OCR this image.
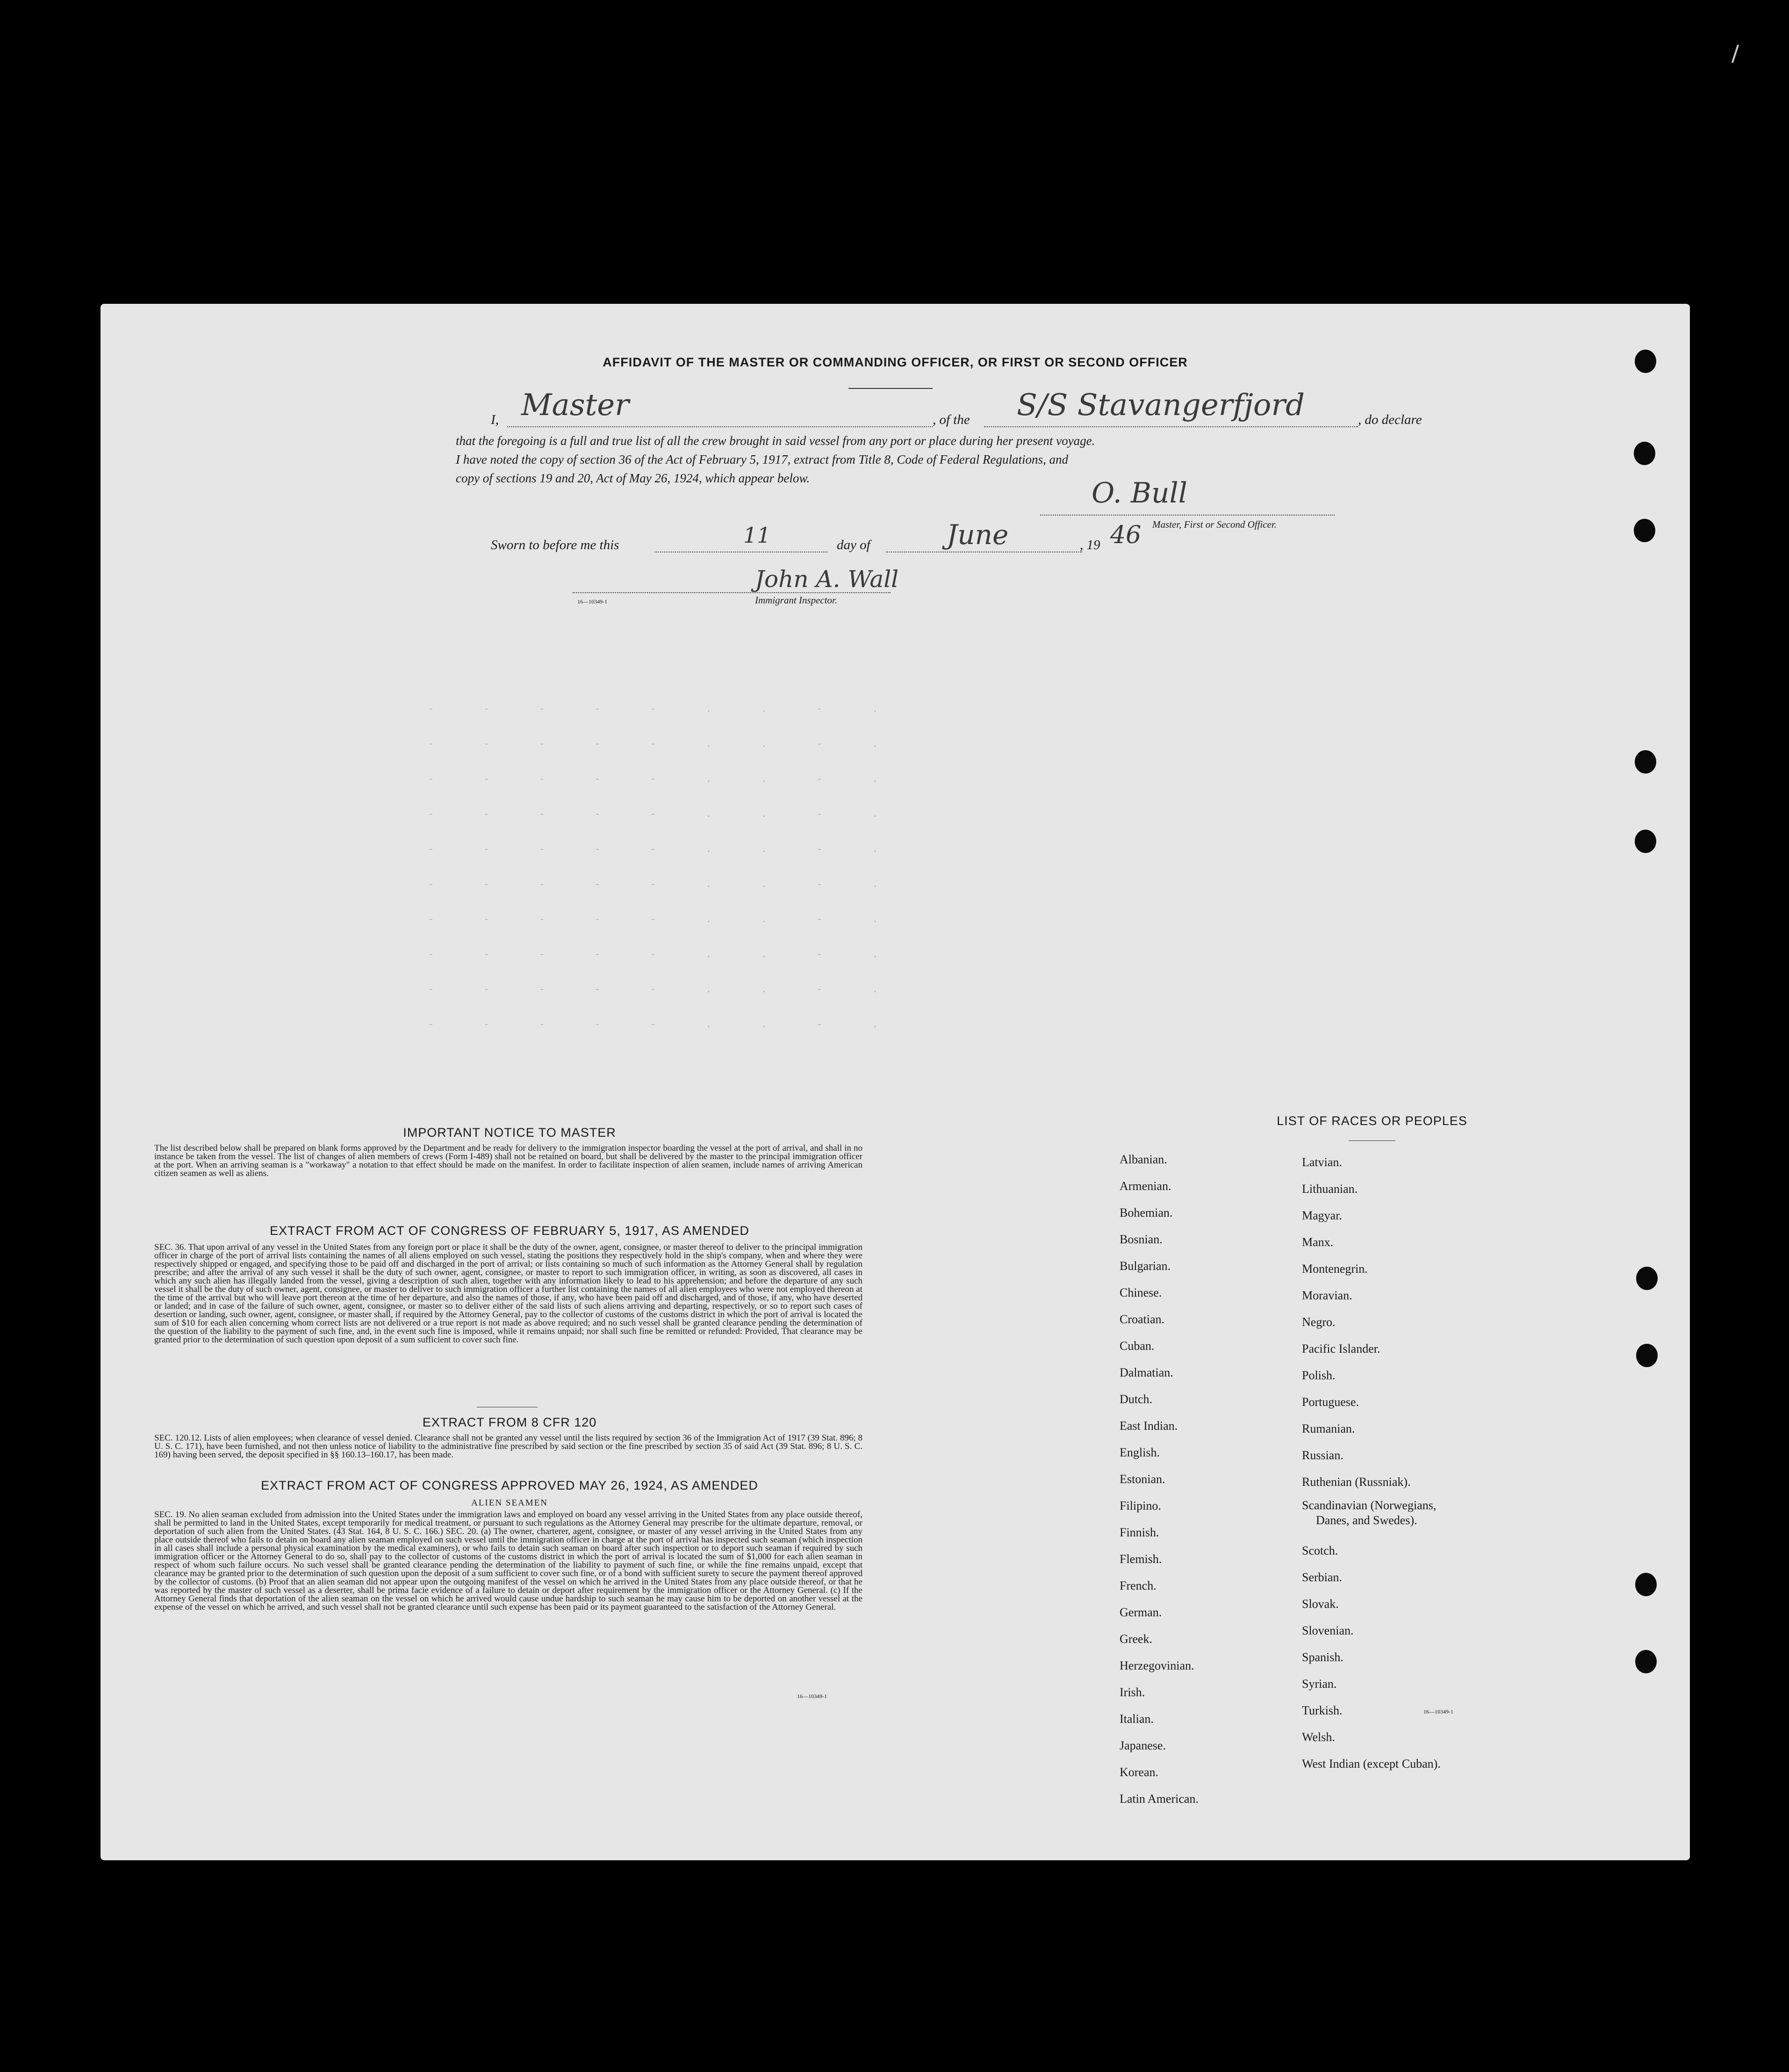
-        -        -        -        -        .        .        -        .
-        -        -        -        -        .        .        -        .
-        -        -        -        -        .        .        -        .
-        -        -        -        -        .        .        -        .
-        -        -        -        -        .        .        -        .
-        -        -        -        -        .        .        -        .
-        -        -        -        -        .        .        -        .
-        -        -        -        -        .        .        -        .
-        -        -        -        -        .        .        -        .
-        -        -        -        -        .        .        -        .
AFFIDAVIT OF THE MASTER OR COMMANDING OFFICER, OR FIRST OR SECOND OFFICER
I, Master	, of the S/S Stavangerfjord	, do declare
that the foregoing is a full and true list of all the crew brought in said vessel from any port or place during her present voyage.
I have noted the copy of section 36 of the Act of February 5, 1917, extract from Title 8, Code of Federal Regulations, and
copy of sections 19 and 20, Act of May 26, 1924, which appear below.	O. Bull
Master, First or Second Officer.
Sworn to before me this	11	day of	June	, 19 46
John A. Wall
Immigrant Inspector.
16—10349-1
IMPORTANT NOTICE TO MASTER
The list described below shall be prepared on blank forms approved by the Department and be ready for delivery to the immigration inspector boarding the vessel at the port of arrival, and shall in no instance be taken from the vessel. The list of changes of alien members of crews (Form I-489) shall not be retained on board, but shall be delivered by the master to the principal immigration officer at the port. When an arriving seaman is a "workaway" a notation to that effect should be made on the manifest. In order to facilitate inspection of alien seamen, include names of arriving American citizen seamen as well as aliens.
EXTRACT FROM ACT OF CONGRESS OF FEBRUARY 5, 1917, AS AMENDED
SEC. 36. That upon arrival of any vessel in the United States from any foreign port or place it shall be the duty of the owner, agent, consignee, or master thereof to deliver to the principal immigration officer in charge of the port of arrival lists containing the names of all aliens employed on such vessel, stating the positions they respectively hold in the ship's company, when and where they were respectively shipped or engaged, and specifying those to be paid off and discharged in the port of arrival; or lists containing so much of such information as the Attorney General shall by regulation prescribe; and after the arrival of any such vessel it shall be the duty of such owner, agent, consignee, or master to report to such immigration officer, in writing, as soon as discovered, all cases in which any such alien has illegally landed from the vessel, giving a description of such alien, together with any information likely to lead to his apprehension; and before the departure of any such vessel it shall be the duty of such owner, agent, consignee, or master to deliver to such immigration officer a further list containing the names of all alien employees who were not employed thereon at the time of the arrival but who will leave port thereon at the time of her departure, and also the names of those, if any, who have been paid off and discharged, and of those, if any, who have deserted or landed; and in case of the failure of such owner, agent, consignee, or master so to deliver either of the said lists of such aliens arriving and departing, respectively, or so to report such cases of desertion or landing, such owner, agent, consignee, or master shall, if required by the Attorney General, pay to the collector of customs of the customs district in which the port of arrival is located the sum of $10 for each alien concerning whom correct lists are not delivered or a true report is not made as above required; and no such vessel shall be granted clearance pending the determination of the question of the liability to the payment of such fine, and, in the event such fine is imposed, while it remains unpaid; nor shall such fine be remitted or refunded: Provided, That clearance may be granted prior to the determination of such question upon deposit of a sum sufficient to cover such fine.
EXTRACT FROM 8 CFR 120
SEC. 120.12. Lists of alien employees; when clearance of vessel denied. Clearance shall not be granted any vessel until the lists required by section 36 of the Immigration Act of 1917 (39 Stat. 896; 8 U. S. C. 171), have been furnished, and not then unless notice of liability to the administrative fine prescribed by said section or the fine prescribed by section 35 of said Act (39 Stat. 896; 8 U. S. C. 169) having been served, the deposit specified in §§ 160.13–160.17, has been made.
EXTRACT FROM ACT OF CONGRESS APPROVED MAY 26, 1924, AS AMENDED
ALIEN SEAMEN
SEC. 19. No alien seaman excluded from admission into the United States under the immigration laws and employed on board any vessel arriving in the United States from any place outside thereof, shall be permitted to land in the United States, except temporarily for medical treatment, or pursuant to such regulations as the Attorney General may prescribe for the ultimate departure, removal, or deportation of such alien from the United States. (43 Stat. 164, 8 U. S. C. 166.) SEC. 20. (a) The owner, charterer, agent, consignee, or master of any vessel arriving in the United States from any place outside thereof who fails to detain on board any alien seaman employed on such vessel until the immigration officer in charge at the port of arrival has inspected such seaman (which inspection in all cases shall include a personal physical examination by the medical examiners), or who fails to detain such seaman on board after such inspection or to deport such seaman if required by such immigration officer or the Attorney General to do so, shall pay to the collector of customs of the customs district in which the port of arrival is located the sum of $1,000 for each alien seaman in respect of whom such failure occurs. No such vessel shall be granted clearance pending the determination of the liability to payment of such fine, or while the fine remains unpaid, except that clearance may be granted prior to the determination of such question upon the deposit of a sum sufficient to cover such fine, or of a bond with sufficient surety to secure the payment thereof approved by the collector of customs. (b) Proof that an alien seaman did not appear upon the outgoing manifest of the vessel on which he arrived in the United States from any place outside thereof, or that he was reported by the master of such vessel as a deserter, shall be prima facie evidence of a failure to detain or deport after requirement by the immigration officer or the Attorney General. (c) If the Attorney General finds that deportation of the alien seaman on the vessel on which he arrived would cause undue hardship to such seaman he may cause him to be deported on another vessel at the expense of the vessel on which he arrived, and such vessel shall not be granted clearance until such expense has been paid or its payment guaranteed to the satisfaction of the Attorney General.
16—10349-1
LIST OF RACES OR PEOPLES
Albanian.
Armenian.
Bohemian.
Bosnian.
Bulgarian.
Chinese.
Croatian.
Cuban.
Dalmatian.
Dutch.
East Indian.
English.
Estonian.
Filipino.
Finnish.
Flemish.
French.
German.
Greek.
Herzegovinian.
Irish.
Italian.
Japanese.
Korean.
Latin American.
Latvian.
Lithuanian.
Magyar.
Manx.
Montenegrin.
Moravian.
Negro.
Pacific Islander.
Polish.
Portuguese.
Rumanian.
Russian.
Ruthenian (Russniak).
Scandinavian (Norwegians,
Danes, and Swedes).
Scotch.
Serbian.
Slovak.
Slovenian.
Spanish.
Syrian.
Turkish.
Welsh.
West Indian (except Cuban).
16—10349-1
